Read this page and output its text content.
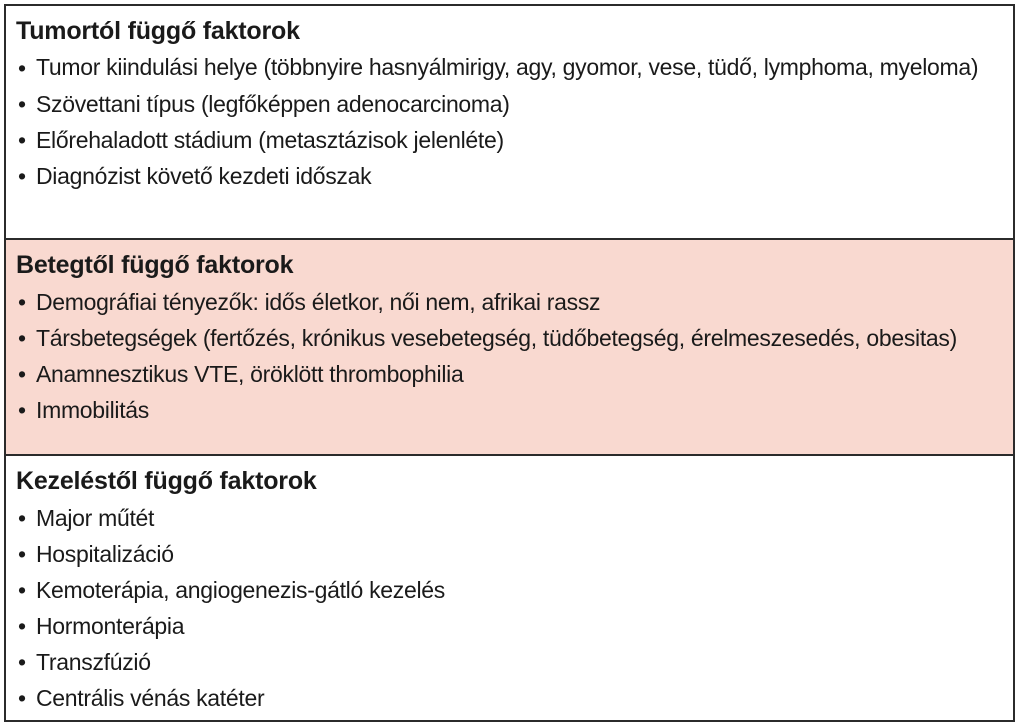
Tumortól függő faktorok
• Tumor kiindulási helye (többnyire hasnyálmirigy, agy, gyomor, vese, tüdő, lymphoma, myeloma)
• Szövettani típus (legfőképpen adenocarcinoma)
• Előrehaladott stádium (metasztázisok jelenléte)
• Diagnózist követő kezdeti időszak
Betegtől függő faktorok
• Demográfiai tényezők: idős életkor, női nem, afrikai rassz
• Társbetegségek (fertőzés, krónikus vesebetegség, tüdőbetegség, érelmeszesedés, obesitas)
• Anamnesztikus VTE, öröklött thrombophilia
• Immobilitás
Kezeléstől függő faktorok
• Major műtét
• Hospitalizáció
• Kemoterápia, angiogenezis-gátló kezelés
• Hormonterápia
• Transzfúzió
• Centrális vénás katéter
